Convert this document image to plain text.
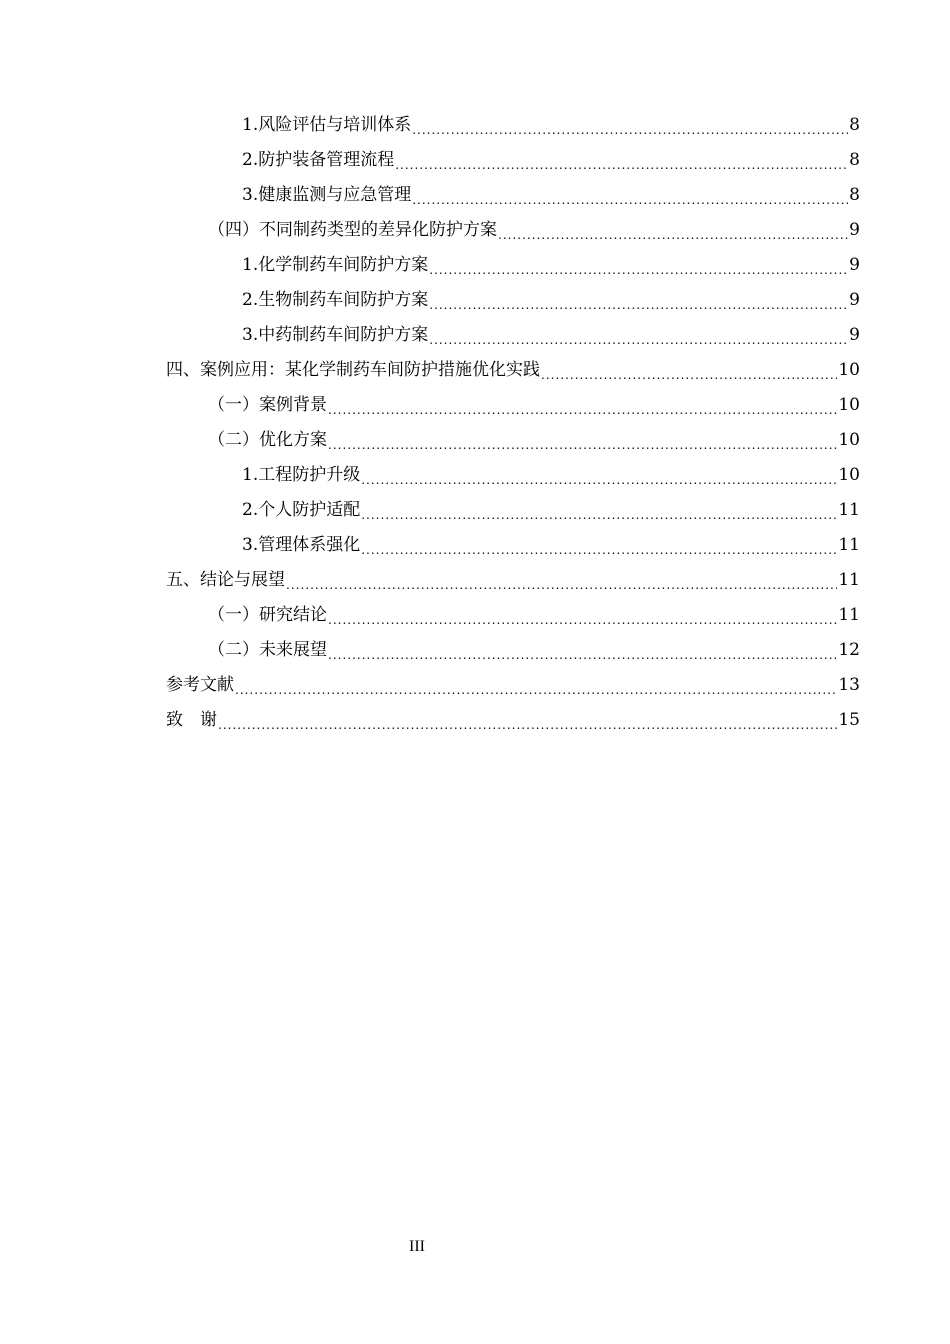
1.风险评估与培训体系 .....	8
2.防护装备管理流程 .....	8
3.健康监测与应急管理 .....	8
（四）不同制药类型的差异化防护方案 .....	9
1.化学制药车间防护方案 .....	9
2.生物制药车间防护方案 .....	9
3.中药制药车间防护方案 .....	9
四、案例应用：某化学制药车间防护措施优化实践 .....	10
（一）案例背景 .....	10
（二）优化方案 .....	10
1.工程防护升级 .....	10
2.个人防护适配 .....	11
3.管理体系强化 .....	11
五、结论与展望 .....	11
（一）研究结论 .....	11
（二）未来展望 .....	12
参考文献 .....	13
致　谢 .....	15
III
